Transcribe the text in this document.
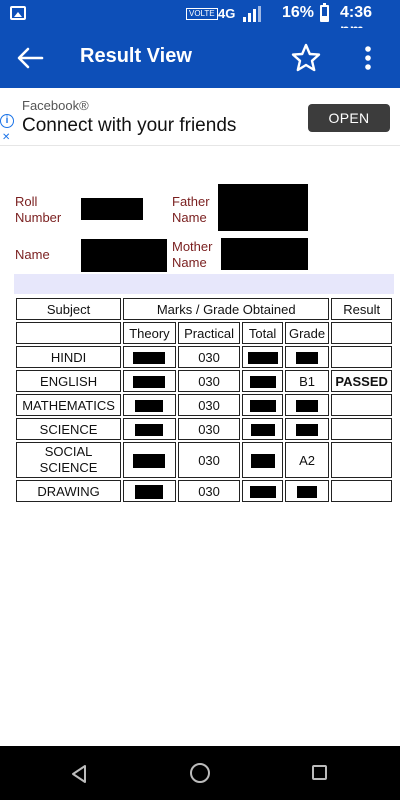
VOLTE 4G	16% 4:36
Result View
i
✕
Facebook®
Connect with your friends	OPEN
Roll Number
Father Name
Name
Mother Name
Subject	Marks / Grade Obtained				Result
	Theory	Practical	Total	Grade	
HINDI		030			
ENGLISH		030		B1	PASSED
MATHEMATICS		030			
SCIENCE		030			
SOCIAL SCIENCE		030		A2	
DRAWING		030			
